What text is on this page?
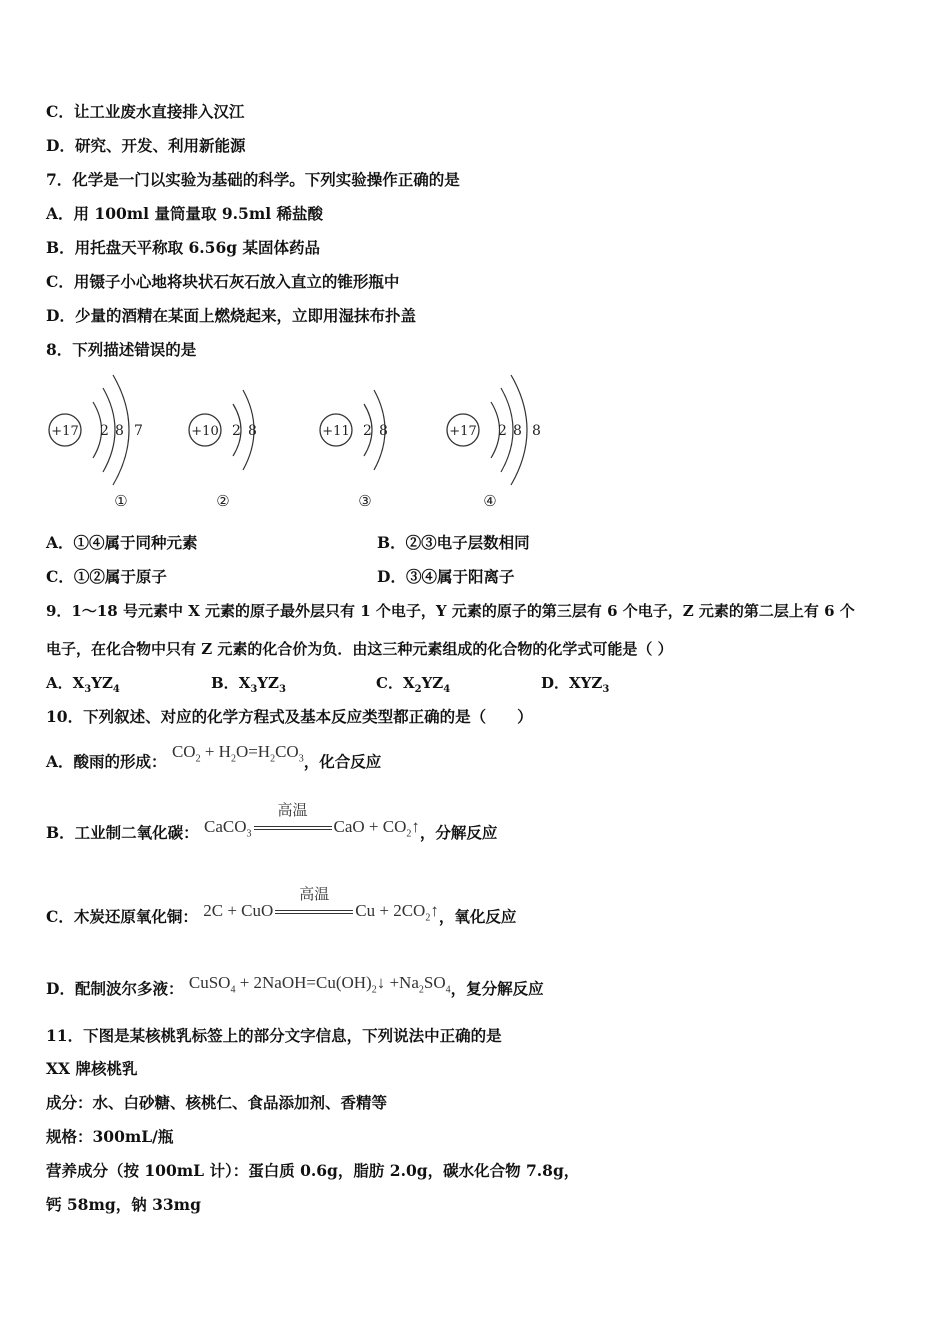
C．让工业废水直接排入汉江
D．研究、开发、利用新能源
7．化学是一门以实验为基础的科学。下列实验操作正确的是
A．用 100ml 量筒量取 9.5ml 稀盐酸
B．用托盘天平称取 6.56g 某固体药品
C．用镊子小心地将块状石灰石放入直立的锥形瓶中
D．少量的酒精在某面上燃烧起来，立即用湿抹布扑盖
8．下列描述错误的是
+17 2 8 7
①
+10 2 8
②
+11 2 8
③
+17 2 8 8
④
A．①④属于同种元素	B．②③电子层数相同
C．①②属于原子	D．③④属于阳离子
9．1～18 号元素中 X 元素的原子最外层只有 1 个电子，Y 元素的原子的第三层有 6 个电子，Z 元素的第二层上有 6 个
电子，在化合物中只有 Z 元素的化合价为负．由这三种元素组成的化合物的化学式可能是（ ）
A．$X_3YZ_4$	B．$X_3YZ_3$	C．$X_2YZ_4$	D．$XYZ_3$
10．下列叙述、对应的化学方程式及基本反应类型都正确的是（　　）
A．酸雨的形成： $CO_2 + H_2O=H_2CO_3$，化合反应
B．工业制二氧化碳： CaCO$_3$
高温
CaO + $CO_2↑$，分解反应
C．木炭还原氧化铜： 2C + CuO
高温
$Cu + 2CO_2↑$，氧化反应
D．配制波尔多液： CuSO$_4$ + $2NaOH=Cu(OH)_2↓ +Na_2SO_4$，复分解反应
11．下图是某核桃乳标签上的部分文字信息，下列说法中正确的是
XX 牌核桃乳
成分：水、白砂糖、核桃仁、食品添加剂、香精等
规格：300mL/瓶
营养成分（按 100mL 计）：蛋白质 0.6g，脂肪 2.0g，碳水化合物 7.8g，
钙 58mg，钠 33mg
